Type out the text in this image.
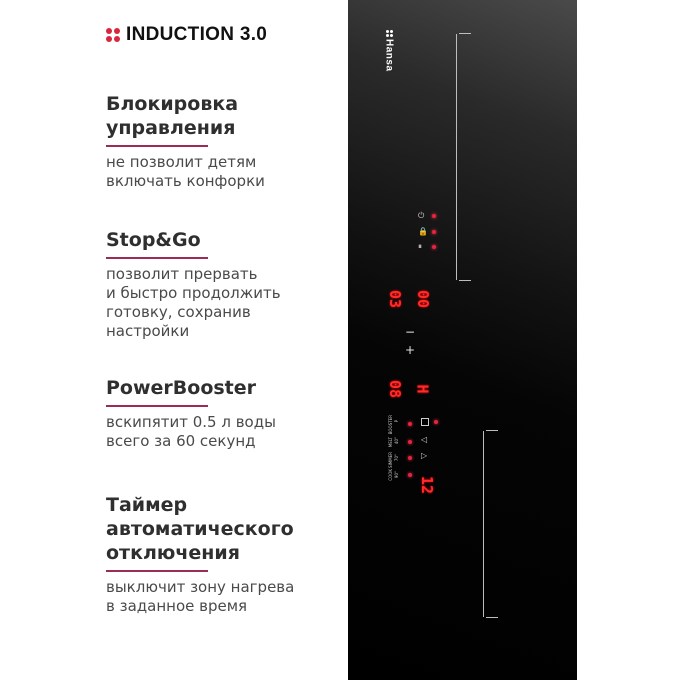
INDUCTION 3.0
Блокировка
управления

не позволит детям
включать конфорки

Stop&Go

позволит прервать
и быстро продолжить
готовку, сохранив
настройки

PowerBooster

вскипятит 0.5 л воды
всего за 60 секунд

Таймер
автоматического
отключения

выключит зону нагрева
в заданное время

Hansa
⏻
🔒
⏸
03 00
−
+
08 H
BOOSTER P
MELT 40°
SIMMER 70°
COOK 90°
◁
▷
12
